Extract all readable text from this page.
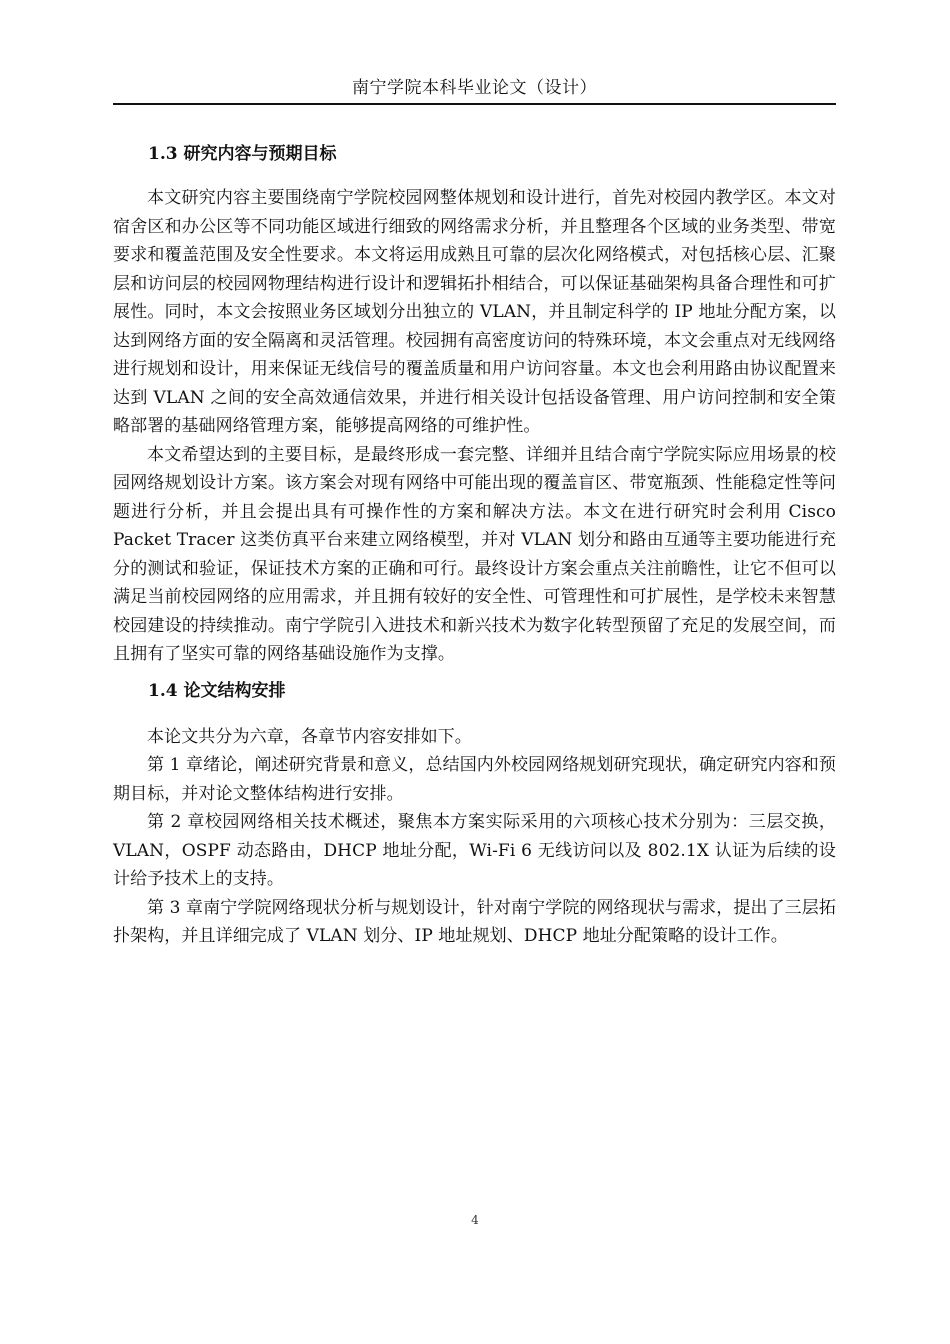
南宁学院本科毕业论文（设计）
1.3 研究内容与预期目标

本文研究内容主要围绕南宁学院校园网整体规划和设计进行，首先对校园内教学区。本文对宿舍区和办公区等不同功能区域进行细致的网络需求分析，并且整理各个区域的业务类型、带宽要求和覆盖范围及安全性要求。本文将运用成熟且可靠的层次化网络模式，对包括核心层、汇聚层和访问层的校园网物理结构进行设计和逻辑拓扑相结合，可以保证基础架构具备合理性和可扩展性。同时，本文会按照业务区域划分出独立的 VLAN，并且制定科学的 IP 地址分配方案，以达到网络方面的安全隔离和灵活管理。校园拥有高密度访问的特殊环境，本文会重点对无线网络进行规划和设计，用来保证无线信号的覆盖质量和用户访问容量。本文也会利用路由协议配置来达到 VLAN 之间的安全高效通信效果，并进行相关设计包括设备管理、用户访问控制和安全策略部署的基础网络管理方案，能够提高网络的可维护性。

本文希望达到的主要目标，是最终形成一套完整、详细并且结合南宁学院实际应用场景的校园网络规划设计方案。该方案会对现有网络中可能出现的覆盖盲区、带宽瓶颈、性能稳定性等问题进行分析，并且会提出具有可操作性的方案和解决方法。本文在进行研究时会利用 Cisco Packet Tracer 这类仿真平台来建立网络模型，并对 VLAN 划分和路由互通等主要功能进行充分的测试和验证，保证技术方案的正确和可行。最终设计方案会重点关注前瞻性，让它不但可以满足当前校园网络的应用需求，并且拥有较好的安全性、可管理性和可扩展性，是学校未来智慧校园建设的持续推动。南宁学院引入进技术和新兴技术为数字化转型预留了充足的发展空间，而且拥有了坚实可靠的网络基础设施作为支撑。

1.4 论文结构安排

本论文共分为六章，各章节内容安排如下。

第 1 章绪论，阐述研究背景和意义，总结国内外校园网络规划研究现状，确定研究内容和预期目标，并对论文整体结构进行安排。

第 2 章校园网络相关技术概述，聚焦本方案实际采用的六项核心技术分别为：三层交换，VLAN，OSPF 动态路由，DHCP 地址分配，Wi-Fi 6 无线访问以及 802.1X 认证为后续的设计给予技术上的支持。

第 3 章南宁学院网络现状分析与规划设计，针对南宁学院的网络现状与需求，提出了三层拓扑架构，并且详细完成了 VLAN 划分、IP 地址规划、DHCP 地址分配策略的设计工作。

4
